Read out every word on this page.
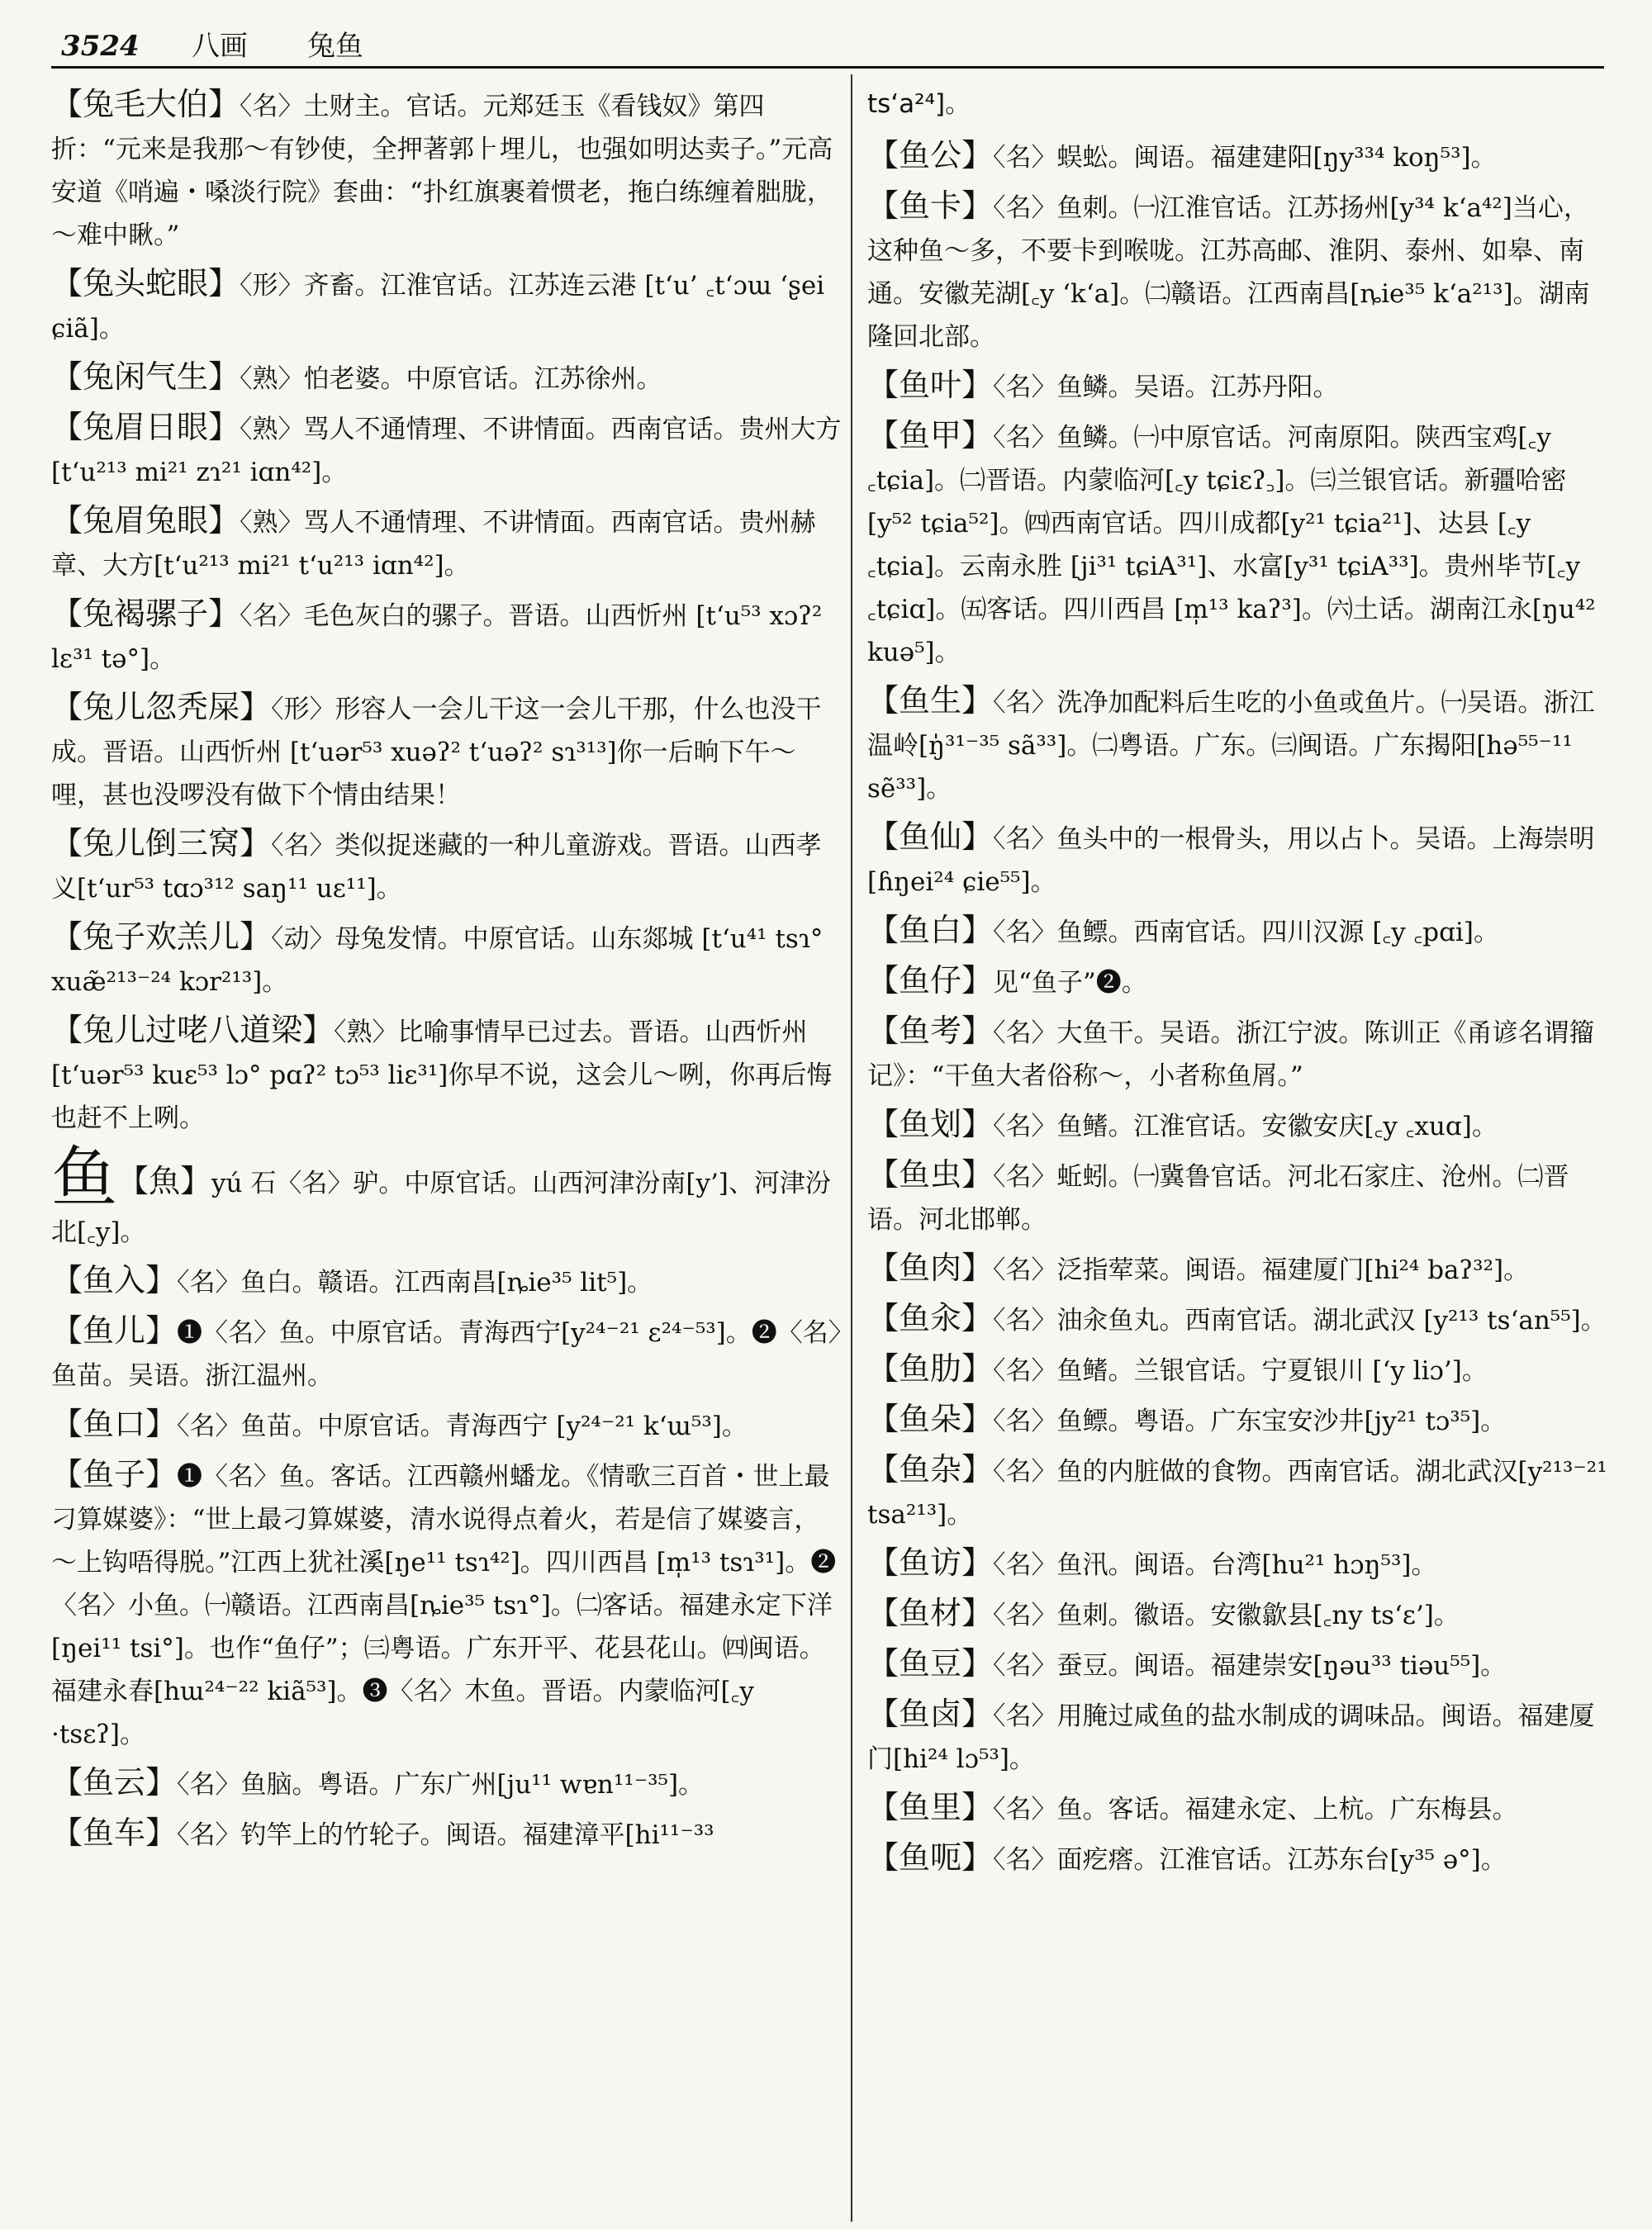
3524 八画 兔鱼

【兔毛大伯】〈名〉土财主。官话。元郑廷玉《看钱奴》第四折：“元来是我那～有钞使，全押著郭⺊埋儿，也强如明达卖子。”元高安道《哨遍・嗓淡行院》套曲：“扑红旗裹着惯老，拖白练缠着胐胧，～难中瞅。”

【兔头蛇眼】〈形〉齐畜。江淮官话。江苏连云港 [t‘u’ ꜀t‘ɔɯ ‘ʂei ɕiã]。

【兔闲气生】〈熟〉怕老婆。中原官话。江苏徐州。

【兔眉日眼】〈熟〉骂人不通情理、不讲情面。西南官话。贵州大方[t‘u²¹³ mi²¹ zɿ²¹ iɑn⁴²]。

【兔眉兔眼】〈熟〉骂人不通情理、不讲情面。西南官话。贵州赫章、大方[t‘u²¹³ mi²¹ t‘u²¹³ iɑn⁴²]。

【兔褐骡子】〈名〉毛色灰白的骡子。晋语。山西忻州 [t‘u⁵³ xɔʔ² lɛ³¹ tə°]。

【兔儿忽秃屎】〈形〉形容人一会儿干这一会儿干那，什么也没干成。晋语。山西忻州 [t‘uər⁵³ xuəʔ² t‘uəʔ² sɿ³¹³]你一后晌下午～哩，甚也没啰没有做下个情由结果！

【兔儿倒三窝】〈名〉类似捉迷藏的一种儿童游戏。晋语。山西孝义[t‘ur⁵³ tɑɔ³¹² saŋ¹¹ uɛ¹¹]。

【兔子欢羔儿】〈动〉母兔发情。中原官话。山东郯城 [t‘u⁴¹ tsɿ° xuæ̃²¹³⁻²⁴ kɔr²¹³]。

【兔儿过咾八道梁】〈熟〉比喻事情早已过去。晋语。山西忻州[t‘uər⁵³ kuɛ⁵³ lɔ° pɑʔ² tɔ⁵³ liɛ³¹]你早不说，这会儿～咧，你再后悔也赶不上咧。

鱼【魚】yú 石〈名〉驴。中原官话。山西河津汾南[y’]、河津汾北[꜀y]。

【鱼入】〈名〉鱼白。赣语。江西南昌[ȵie³⁵ lit⁵]。

【鱼儿】❶〈名〉鱼。中原官话。青海西宁[y²⁴⁻²¹ ɛ²⁴⁻⁵³]。❷〈名〉鱼苗。吴语。浙江温州。

【鱼口】〈名〉鱼苗。中原官话。青海西宁 [y²⁴⁻²¹ k‘ɯ⁵³]。

【鱼子】❶〈名〉鱼。客话。江西赣州蟠龙。《情歌三百首・世上最刁算媒婆》：“世上最刁算媒婆，清水说得点着火，若是信了媒婆言，～上钩唔得脱。”江西上犹社溪[ŋe¹¹ tsɿ⁴²]。四川西昌 [m̩¹³ tsɿ³¹]。❷〈名〉小鱼。㈠赣语。江西南昌[ȵie³⁵ tsɿ°]。㈡客话。福建永定下洋 [ŋei¹¹ tsi°]。也作“鱼仔”；㈢粤语。广东开平、花县花山。㈣闽语。福建永春[hɯ²⁴⁻²² kiã⁵³]。❸〈名〉木鱼。晋语。内蒙临河[꜀y ·tsɛʔ]。

【鱼云】〈名〉鱼脑。粤语。广东广州[ju¹¹ wɐn¹¹⁻³⁵]。

【鱼车】〈名〉钓竿上的竹轮子。闽语。福建漳平[hi¹¹⁻³³

ts‘a²⁴]。

【鱼公】〈名〉蜈蚣。闽语。福建建阳[ŋy³³⁴ koŋ⁵³]。

【鱼卡】〈名〉鱼刺。㈠江淮官话。江苏扬州[y³⁴ k‘a⁴²]当心，这种鱼～多，不要卡到喉咙。江苏高邮、淮阴、泰州、如皋、南通。安徽芜湖[꜀y ‘k‘a]。㈡赣语。江西南昌[ȵie³⁵ k‘a²¹³]。湖南隆回北部。

【鱼叶】〈名〉鱼鳞。吴语。江苏丹阳。

【鱼甲】〈名〉鱼鳞。㈠中原官话。河南原阳。陕西宝鸡[꜀y ꜀tɕia]。㈡晋语。内蒙临河[꜀y tɕiɛʔ꜆]。㈢兰银官话。新疆哈密[y⁵² tɕia⁵²]。㈣西南官话。四川成都[y²¹ tɕia²¹]、达县 [꜀y ꜀tɕia]。云南永胜 [ji³¹ tɕiA³¹]、水富[y³¹ tɕiA³³]。贵州毕节[꜀y ꜀tɕiɑ]。㈤客话。四川西昌 [m̩¹³ kaʔ³]。㈥土话。湖南江永[ŋu⁴² kuə⁵]。

【鱼生】〈名〉洗净加配料后生吃的小鱼或鱼片。㈠吴语。浙江温岭[ŋ̍³¹⁻³⁵ sã³³]。㈡粤语。广东。㈢闽语。广东揭阳[hə⁵⁵⁻¹¹ sẽ³³]。

【鱼仙】〈名〉鱼头中的一根骨头，用以占卜。吴语。上海崇明[ɦŋei²⁴ ɕie⁵⁵]。

【鱼白】〈名〉鱼鳔。西南官话。四川汉源 [꜀y ꜀pɑi]。

【鱼仔】见“鱼子”❷。

【鱼考】〈名〉大鱼干。吴语。浙江宁波。陈训正《甬谚名谓籀记》：“干鱼大者俗称～，小者称鱼屑。”

【鱼划】〈名〉鱼鳍。江淮官话。安徽安庆[꜀y ꜀xuɑ]。

【鱼虫】〈名〉蚯蚓。㈠冀鲁官话。河北石家庄、沧州。㈡晋语。河北邯郸。

【鱼肉】〈名〉泛指荤菜。闽语。福建厦门[hi²⁴ baʔ³²]。

【鱼汆】〈名〉油汆鱼丸。西南官话。湖北武汉 [y²¹³ ts‘an⁵⁵]。

【鱼肋】〈名〉鱼鳍。兰银官话。宁夏银川 [‘y liɔ’]。

【鱼朵】〈名〉鱼鳔。粤语。广东宝安沙井[jy²¹ tɔ³⁵]。

【鱼杂】〈名〉鱼的内脏做的食物。西南官话。湖北武汉[y²¹³⁻²¹ tsa²¹³]。

【鱼访】〈名〉鱼汛。闽语。台湾[hu²¹ hɔŋ⁵³]。

【鱼材】〈名〉鱼刺。徽语。安徽歙县[꜀ny ts‘ɛ’]。

【鱼豆】〈名〉蚕豆。闽语。福建崇安[ŋəu³³ tiəu⁵⁵]。

【鱼卤】〈名〉用腌过咸鱼的盐水制成的调味品。闽语。福建厦门[hi²⁴ lɔ⁵³]。

【鱼里】〈名〉鱼。客话。福建永定、上杭。广东梅县。

【鱼呃】〈名〉面疙瘩。江淮官话。江苏东台[y³⁵ ə°]。
